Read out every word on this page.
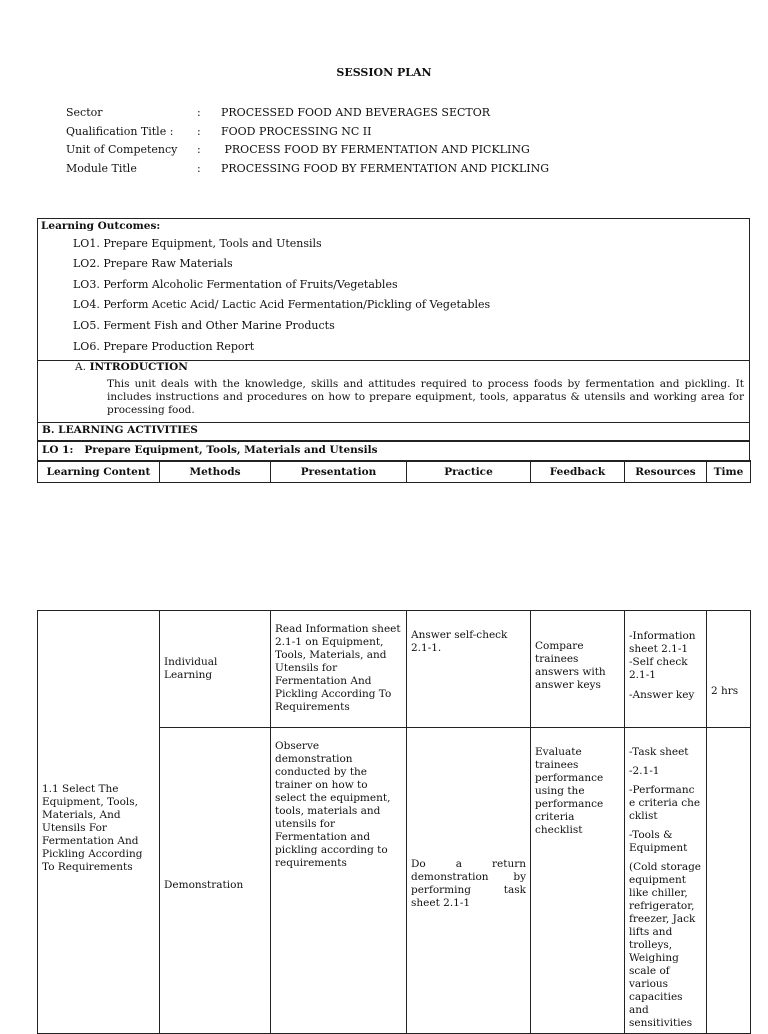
SESSION PLAN
Sector	: PROCESSED FOOD AND BEVERAGES SECTOR
Qualification Title : : FOOD PROCESSING NC II
Unit of Competency : PROCESS FOOD BY FERMENTATION AND PICKLING
Module Title	: PROCESSING FOOD BY FERMENTATION AND PICKLING
Learning Outcomes:
LO1. Prepare Equipment, Tools and Utensils
LO2. Prepare Raw Materials
LO3. Perform Alcoholic Fermentation of Fruits/Vegetables
LO4. Perform Acetic Acid/ Lactic Acid Fermentation/Pickling of Vegetables
LO5. Ferment Fish and Other Marine Products
LO6. Prepare Production Report
A. INTRODUCTION
This unit deals with the knowledge, skills and attitudes required to process foods by fermentation and pickling. It includes instructions and procedures on how to prepare equipment, tools, apparatus & utensils and working area for processing food.
B. LEARNING ACTIVITIES
LO 1:   Prepare Equipment, Tools, Materials and Utensils
Learning Content	Methods	Presentation	Practice	Feedback	Resources	Time
1.1 Select The Equipment, Tools, Materials, And Utensils For Fermentation And Pickling According To Requirements	Individual Learning	Read Information sheet 2.1-1 on Equipment, Tools, Materials, and Utensils for Fermentation And Pickling According To Requirements	Answer self-check 2.1-1.	Compare trainees answers with answer keys	-Information sheet 2.1-1
-Self check 2.1-1
-Answer key	2 hrs

	Demonstration	Observe demonstration conducted by the trainer on how to select the equipment, tools, materials and utensils for Fermentation and pickling according to requirements	Do a return demonstration by performing task sheet 2.1-1	Evaluate trainees performance using the performance criteria checklist	-Task sheet
-2.1-1
-Performanc e criteria checklist
-Tools & Equipment
(Cold storage equipment like chiller, refrigerator, freezer, Jack lifts and trolleys, Weighing scale of various capacities and sensitivities	
